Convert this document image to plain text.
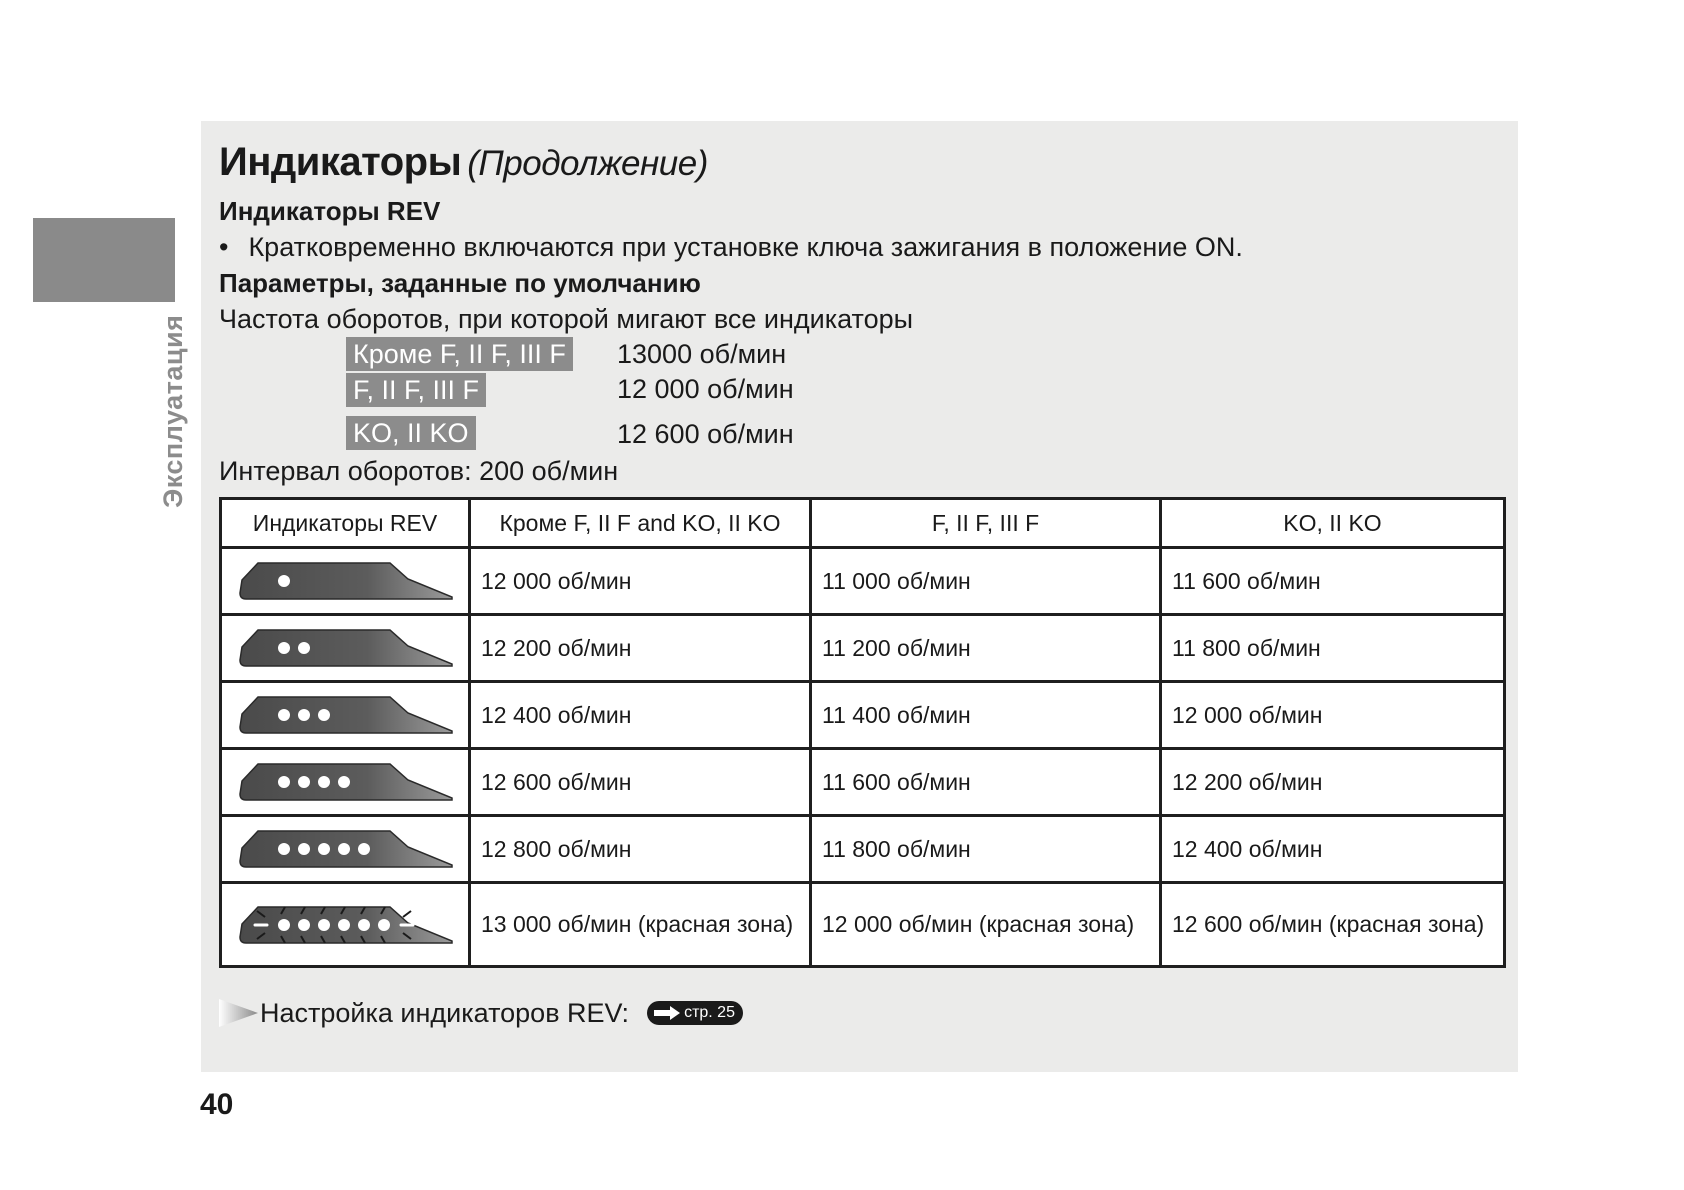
Эксплуатация
Индикаторы (Продолжение)
Индикаторы REV
• Кратковременно включаются при установке ключа зажигания в положение ON.
Параметры, заданные по умолчанию
Частота оборотов, при которой мигают все индикаторы
Кроме F, II F, III F 13000 об/мин
F, II F, III F	12 000 об/мин
KO, II KO	12 600 об/мин
Интервал оборотов: 200 об/мин
Индикаторы REV	Кроме F, II F and KO, II KO	F, II F, III F	KO, II KO
	12 000 об/мин	11 000 об/мин	11 600 об/мин
	12 200 об/мин	11 200 об/мин	11 800 об/мин
	12 400 об/мин	11 400 об/мин	12 000 об/мин
	12 600 об/мин	11 600 об/мин	12 200 об/мин
	12 800 об/мин	11 800 об/мин	12 400 об/мин
	13 000 об/мин (красная зона)	12 000 об/мин (красная зона)	12 600 об/мин (красная зона)
Настройка индикаторов REV:	стр. 25
40
